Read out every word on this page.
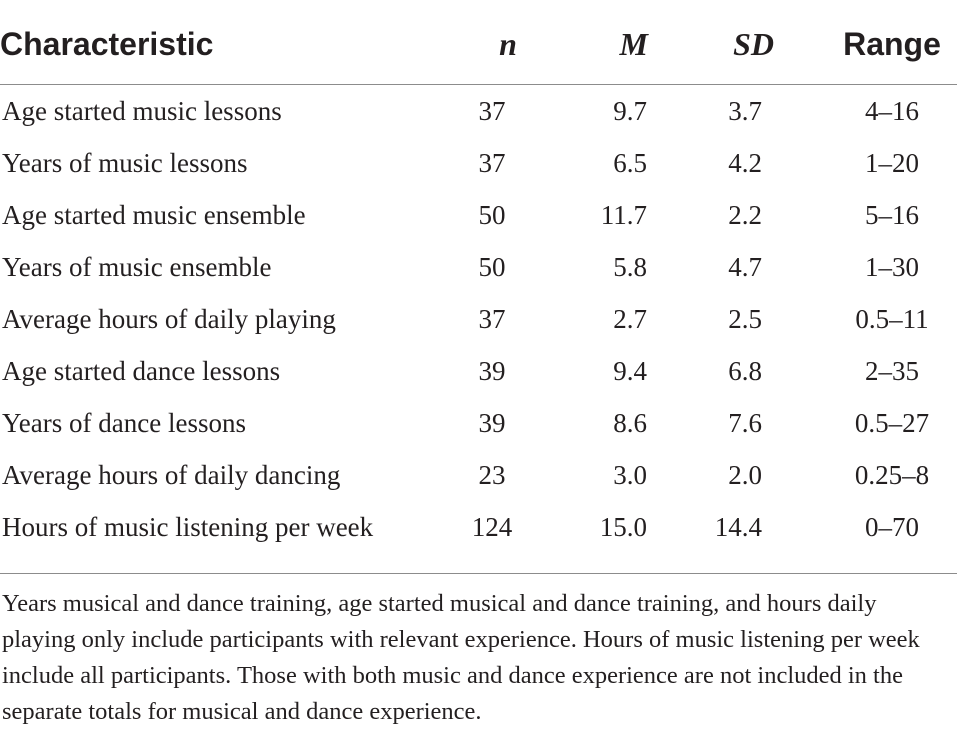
Characteristic	n	M	SD	Range
Age started music lessons	37	9.7	3.7	4–16
Years of music lessons	37	6.5	4.2	1–20
Age started music ensemble	50	11.7	2.2	5–16
Years of music ensemble	50	5.8	4.7	1–30
Average hours of daily playing	37	2.7	2.5	0.5–11
Age started dance lessons	39	9.4	6.8	2–35
Years of dance lessons	39	8.6	7.6	0.5–27
Average hours of daily dancing	23	3.0	2.0	0.25–8
Hours of music listening per week	124	15.0	14.4	0–70
Years musical and dance training, age started musical and dance training, and hours daily playing only include participants with relevant experience. Hours of music listening per week include all participants. Those with both music and dance experience are not included in the separate totals for musical and dance experience.
